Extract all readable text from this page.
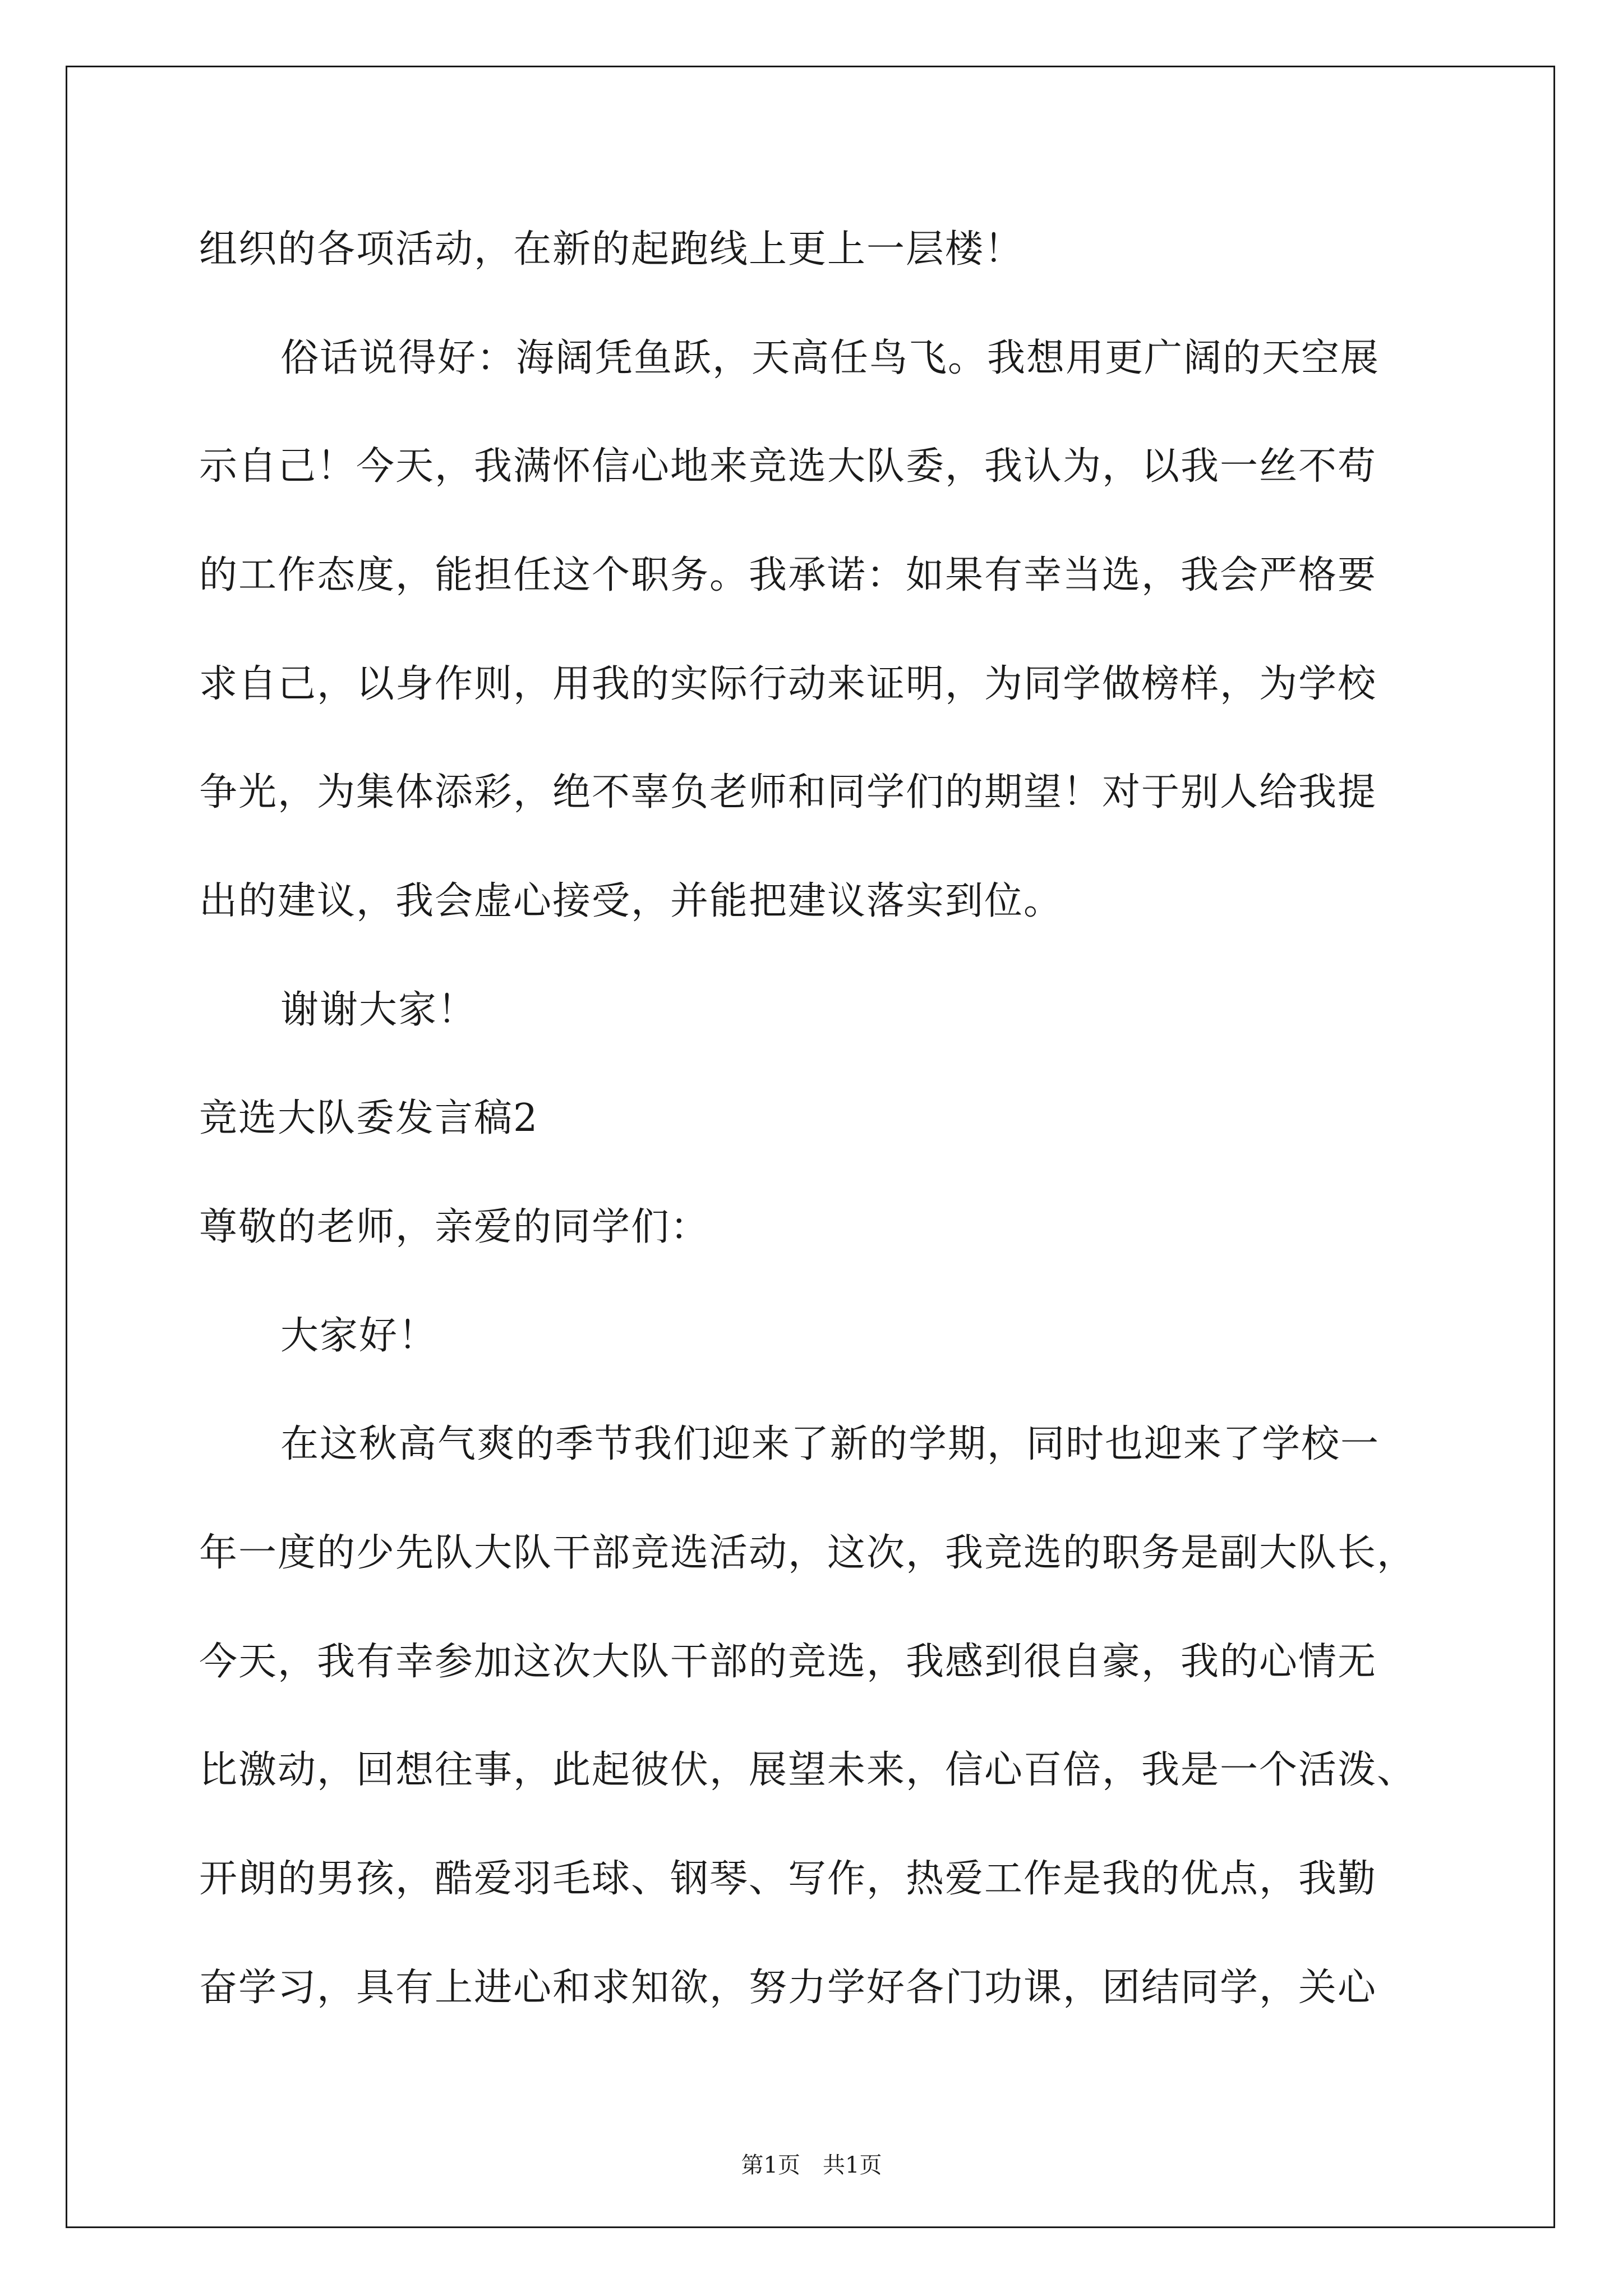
组织的各项活动，在新的起跑线上更上一层楼！
俗话说得好：海阔凭鱼跃，天高任鸟飞。我想用更广阔的天空展
示自己！今天，我满怀信心地来竞选大队委，我认为，以我一丝不苟
的工作态度，能担任这个职务。我承诺：如果有幸当选，我会严格要
求自己，以身作则，用我的实际行动来证明，为同学做榜样，为学校
争光，为集体添彩，绝不辜负老师和同学们的期望！对于别人给我提
出的建议，我会虚心接受，并能把建议落实到位。
谢谢大家！
竞选大队委发言稿2
尊敬的老师，亲爱的同学们：
大家好！
在这秋高气爽的季节我们迎来了新的学期，同时也迎来了学校一
年一度的少先队大队干部竞选活动，这次，我竞选的职务是副大队长，
今天，我有幸参加这次大队干部的竞选，我感到很自豪，我的心情无
比激动，回想往事，此起彼伏，展望未来，信心百倍，我是一个活泼、
开朗的男孩，酷爱羽毛球、钢琴、写作，热爱工作是我的优点，我勤
奋学习，具有上进心和求知欲，努力学好各门功课，团结同学，关心
第1页　共1页
